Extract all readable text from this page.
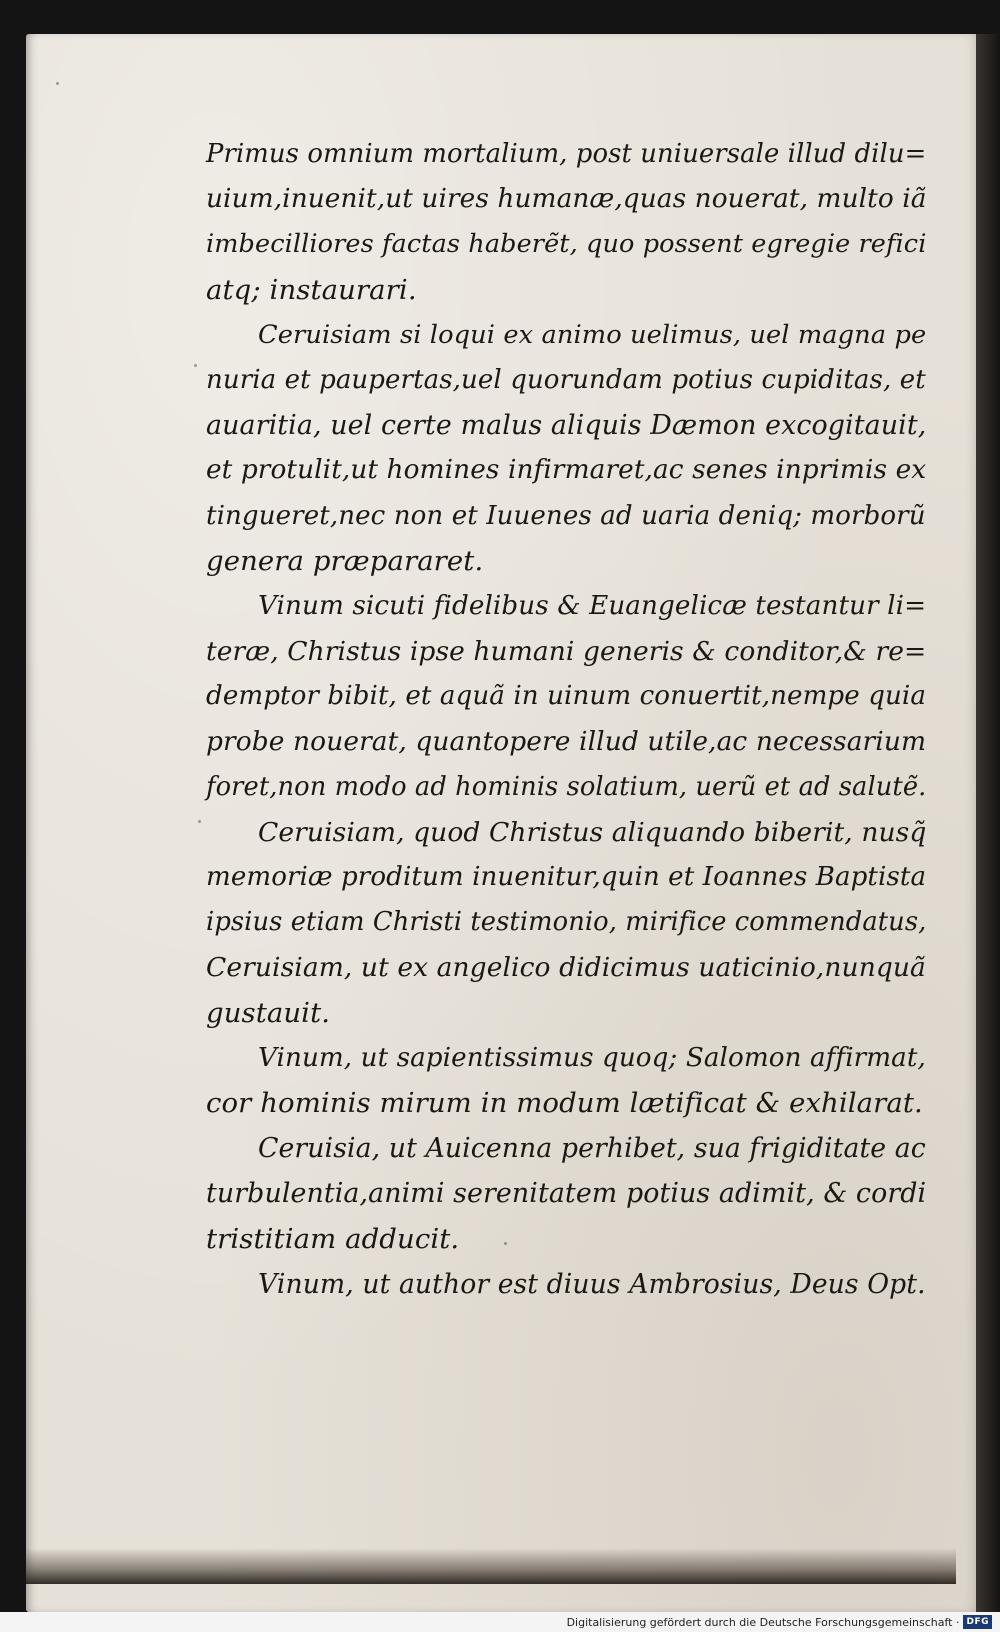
Primus omnium mortalium, post uniuersale illud dilu=
uium,inuenit,ut uires humanæ,quas nouerat, multo iã
imbecilliores factas haberẽt, quo possent egregie refici
atq; instaurari.
Ceruisiam si loqui ex animo uelimus, uel magna pe
nuria et paupertas,uel quorundam potius cupiditas, et
auaritia, uel certe malus aliquis Dæmon excogitauit,
et protulit,ut homines infirmaret,ac senes inprimis ex
tingueret,nec non et Iuuenes ad uaria deniq; morborũ
genera præpararet.
Vinum sicuti fidelibus & Euangelicæ testantur li=
teræ, Christus ipse humani generis & conditor,& re=
demptor bibit, et aquã in uinum conuertit,nempe quia
probe nouerat, quantopere illud utile,ac necessarium
foret,non modo ad hominis solatium, uerũ et ad salutẽ.
Ceruisiam, quod Christus aliquando biberit, nusq̃
memoriæ proditum inuenitur,quin et Ioannes Baptista
ipsius etiam Christi testimonio, mirifice commendatus,
Ceruisiam, ut ex angelico didicimus uaticinio,nunquã
gustauit.
Vinum, ut sapientissimus quoq; Salomon affirmat,
cor hominis mirum in modum lætificat & exhilarat.
Ceruisia, ut Auicenna perhibet, sua frigiditate ac
turbulentia,animi serenitatem potius adimit, & cordi
tristitiam adducit.
Vinum, ut author est diuus Ambrosius, Deus Opt.
Digitalisierung gefördert durch die Deutsche Forschungsgemeinschaft · DFG
